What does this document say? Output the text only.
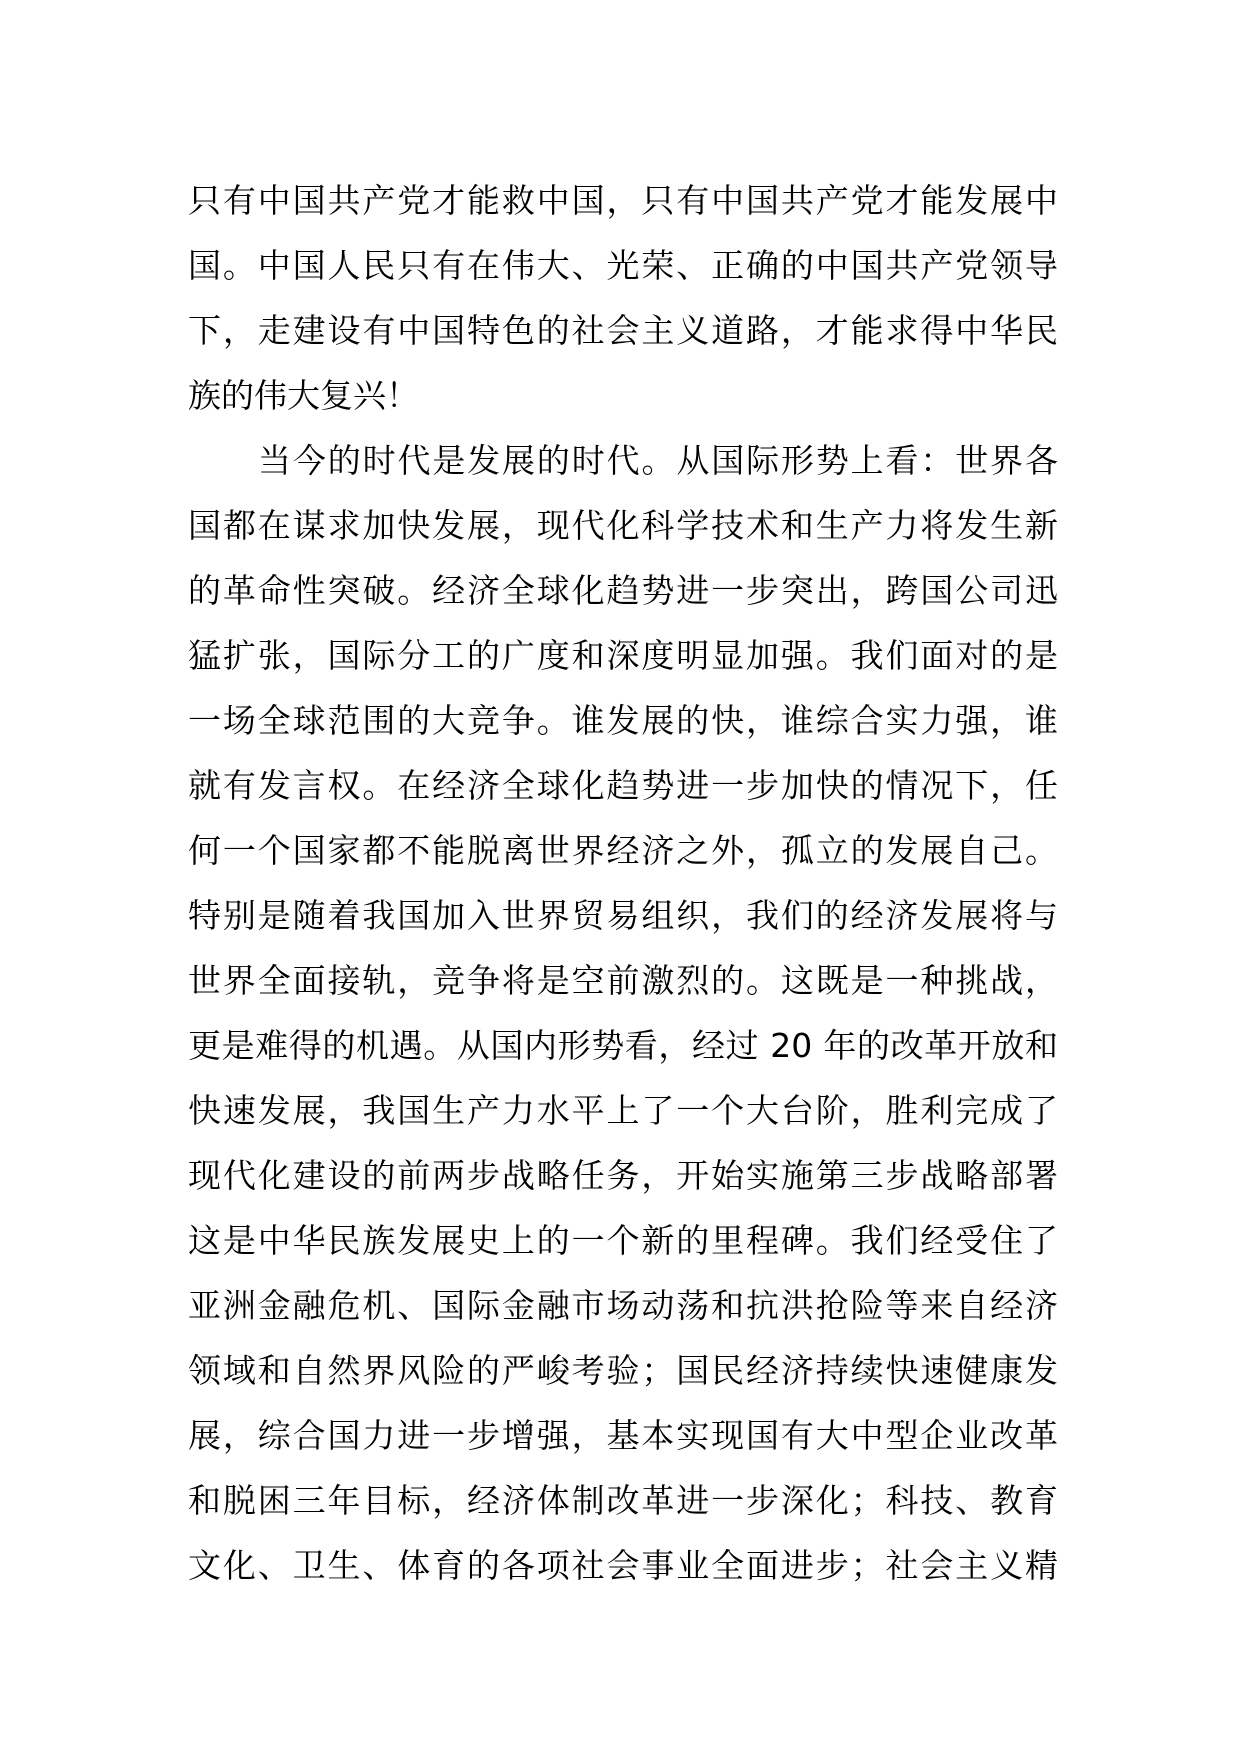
只有中国共产党才能救中国，只有中国共产党才能发展中
国。中国人民只有在伟大、光荣、正确的中国共产党领导
下，走建设有中国特色的社会主义道路，才能求得中华民
族的伟大复兴！
当今的时代是发展的时代。从国际形势上看：世界各
国都在谋求加快发展，现代化科学技术和生产力将发生新
的革命性突破。经济全球化趋势进一步突出，跨国公司迅
猛扩张，国际分工的广度和深度明显加强。我们面对的是
一场全球范围的大竞争。谁发展的快，谁综合实力强，谁
就有发言权。在经济全球化趋势进一步加快的情况下，任
何一个国家都不能脱离世界经济之外，孤立的发展自己。
特别是随着我国加入世界贸易组织，我们的经济发展将与
世界全面接轨，竞争将是空前激烈的。这既是一种挑战，
更是难得的机遇。从国内形势看，经过 20 年的改革开放和
快速发展，我国生产力水平上了一个大台阶，胜利完成了
现代化建设的前两步战略任务，开始实施第三步战略部署
这是中华民族发展史上的一个新的里程碑。我们经受住了
亚洲金融危机、国际金融市场动荡和抗洪抢险等来自经济
领域和自然界风险的严峻考验；国民经济持续快速健康发
展，综合国力进一步增强，基本实现国有大中型企业改革
和脱困三年目标，经济体制改革进一步深化；科技、教育
文化、卫生、体育的各项社会事业全面进步；社会主义精
